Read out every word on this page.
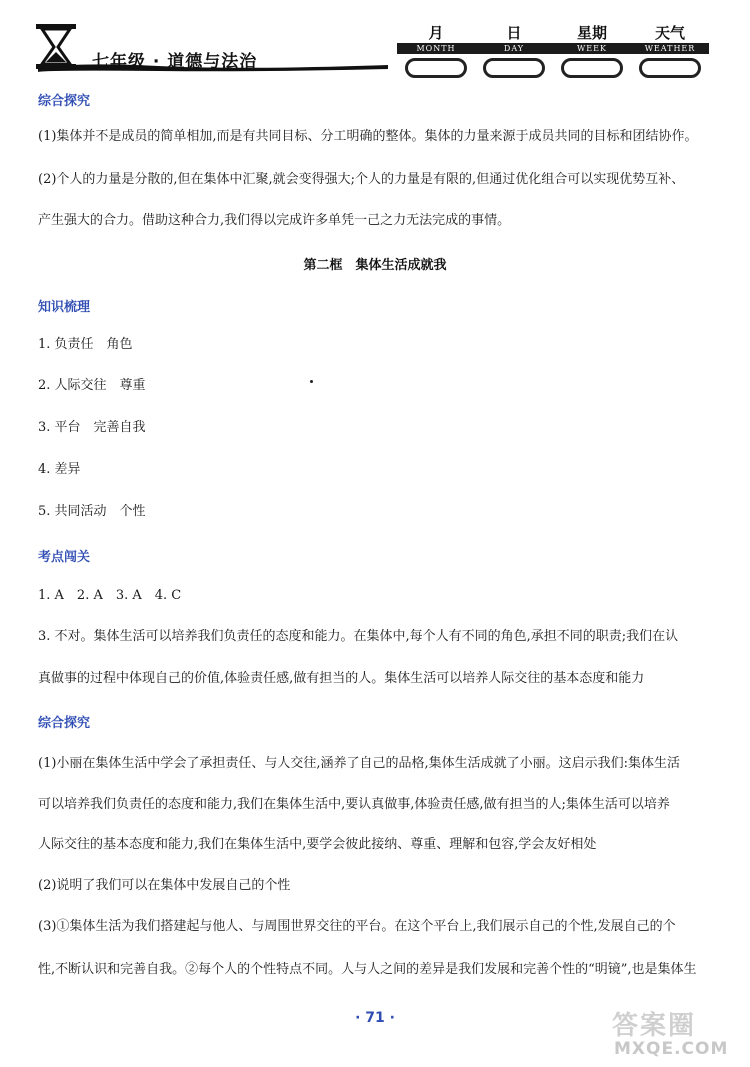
七年级 · 道德与法治
月
MONTH
日
DAY
星期
WEEK
天气
WEATHER
综合探究
(1)集体并不是成员的简单相加,而是有共同目标、分工明确的整体。集体的力量来源于成员共同的目标和团结协作。
(2)个人的力量是分散的,但在集体中汇聚,就会变得强大;个人的力量是有限的,但通过优化组合可以实现优势互补、
产生强大的合力。借助这种合力,我们得以完成许多单凭一己之力无法完成的事情。
第二框　集体生活成就我
知识梳理
1. 负责任　角色
2. 人际交往　尊重
3. 平台　完善自我
4. 差异
5. 共同活动　个性
考点闯关
1. A　2. A　3. A　4. C
3. 不对。集体生活可以培养我们负责任的态度和能力。在集体中,每个人有不同的角色,承担不同的职责;我们在认
真做事的过程中体现自己的价值,体验责任感,做有担当的人。集体生活可以培养人际交往的基本态度和能力
综合探究
(1)小丽在集体生活中学会了承担责任、与人交往,涵养了自己的品格,集体生活成就了小丽。这启示我们:集体生活
可以培养我们负责任的态度和能力,我们在集体生活中,要认真做事,体验责任感,做有担当的人;集体生活可以培养
人际交往的基本态度和能力,我们在集体生活中,要学会彼此接纳、尊重、理解和包容,学会友好相处
(2)说明了我们可以在集体中发展自己的个性
(3)①集体生活为我们搭建起与他人、与周围世界交往的平台。在这个平台上,我们展示自己的个性,发展自己的个
性,不断认识和完善自我。②每个人的个性特点不同。人与人之间的差异是我们发展和完善个性的“明镜”,也是集体生
· 71 ·	答案圈
MXQE.COM
